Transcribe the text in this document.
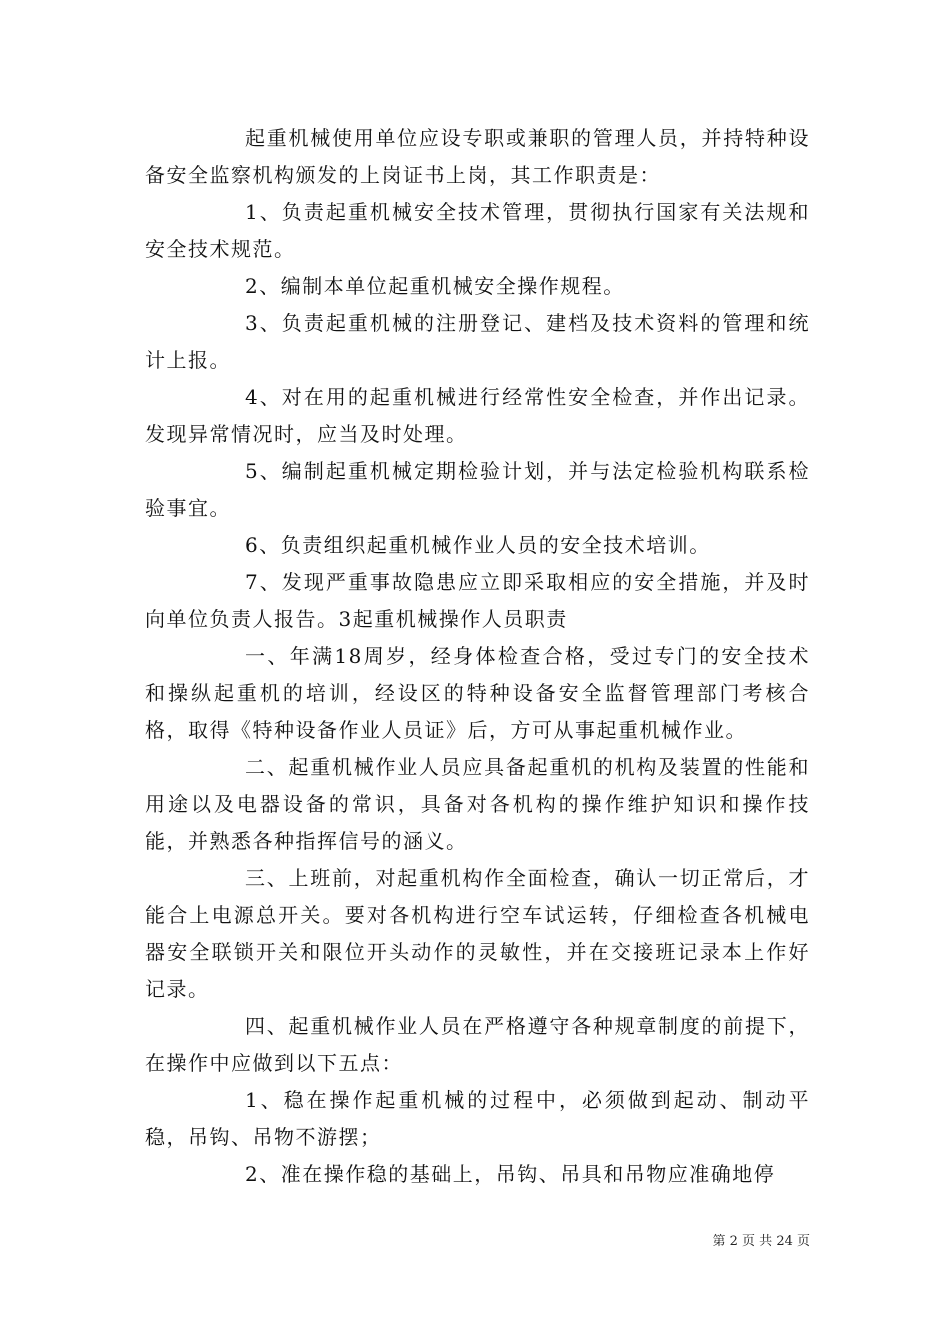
起重机械使用单位应设专职或兼职的管理人员，并持特种设备安全监察机构颁发的上岗证书上岗，其工作职责是：

1、负责起重机械安全技术管理，贯彻执行国家有关法规和安全技术规范。

2、编制本单位起重机械安全操作规程。

3、负责起重机械的注册登记、建档及技术资料的管理和统计上报。

4、对在用的起重机械进行经常性安全检查，并作出记录。发现异常情况时，应当及时处理。

5、编制起重机械定期检验计划，并与法定检验机构联系检验事宜。

6、负责组织起重机械作业人员的安全技术培训。

7、发现严重事故隐患应立即采取相应的安全措施，并及时向单位负责人报告。3起重机械操作人员职责

一、年满18周岁，经身体检查合格，受过专门的安全技术和操纵起重机的培训，经设区的特种设备安全监督管理部门考核合格，取得《特种设备作业人员证》后，方可从事起重机械作业。

二、起重机械作业人员应具备起重机的机构及装置的性能和用途以及电器设备的常识，具备对各机构的操作维护知识和操作技能，并熟悉各种指挥信号的涵义。

三、上班前，对起重机构作全面检查，确认一切正常后，才能合上电源总开关。要对各机构进行空车试运转，仔细检查各机械电器安全联锁开关和限位开头动作的灵敏性，并在交接班记录本上作好记录。

四、起重机械作业人员在严格遵守各种规章制度的前提下，在操作中应做到以下五点：

1、稳在操作起重机械的过程中，必须做到起动、制动平稳，吊钩、吊物不游摆；

2、准在操作稳的基础上，吊钩、吊具和吊物应准确地停

第 2 页 共 24 页
